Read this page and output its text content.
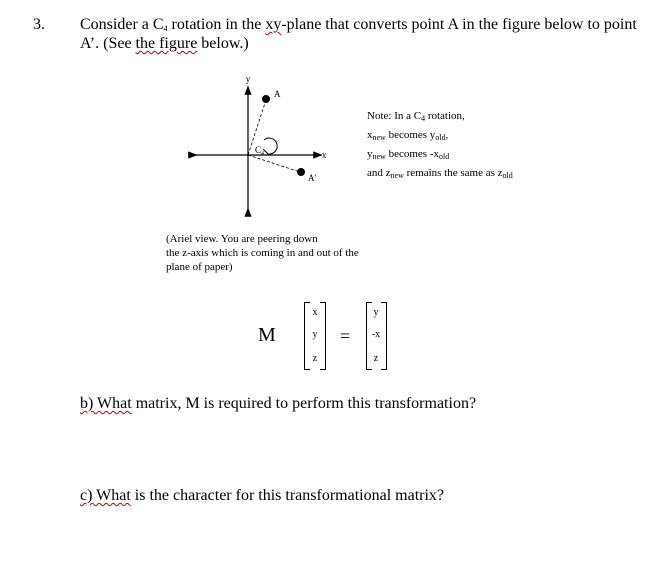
3. Consider a $C_4$ rotation in the xy-plane that converts point A in the figure below to point
A’. (See the figure below.)
y
x
A
A'
$C_4$
Note: In a $C_4$ rotation,
$x_{new}$ becomes $y_{old}$,
$y_{new}$ becomes $-x_{old}$
and $z_{new}$ remains the same as $z_{old}$
(Ariel view. You are peering down
the z-axis which is coming in and out of the
plane of paper)
M
x
y
z
=
y
-x
z
b) What matrix, M is required to perform this transformation?
c) What is the character for this transformational matrix?
